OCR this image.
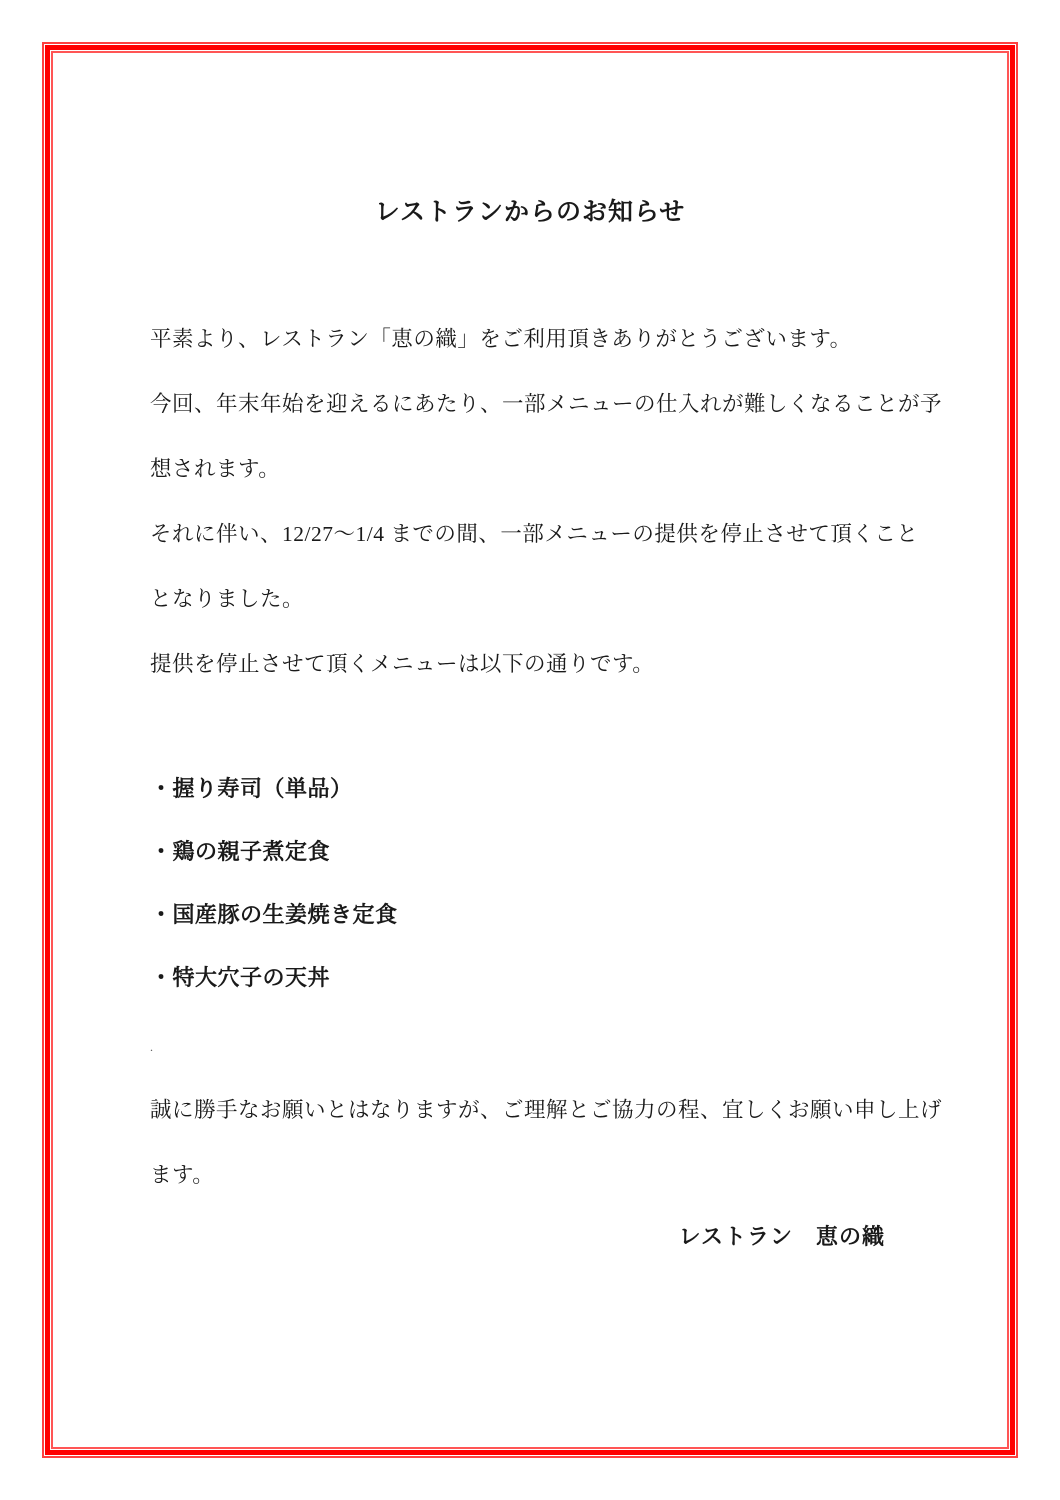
レストランからのお知らせ
平素より、レストラン「恵の織」をご利用頂きありがとうございます。
今回、年末年始を迎えるにあたり、一部メニューの仕入れが難しくなることが予
想されます。
それに伴い、12/27～1/4 までの間、一部メニューの提供を停止させて頂くこと
となりました。
提供を停止させて頂くメニューは以下の通りです。
・握り寿司（単品）
・鶏の親子煮定食
・国産豚の生姜焼き定食
・特大穴子の天丼
.
誠に勝手なお願いとはなりますが、ご理解とご協力の程、宜しくお願い申し上げ
ます。
レストラン　恵の織
